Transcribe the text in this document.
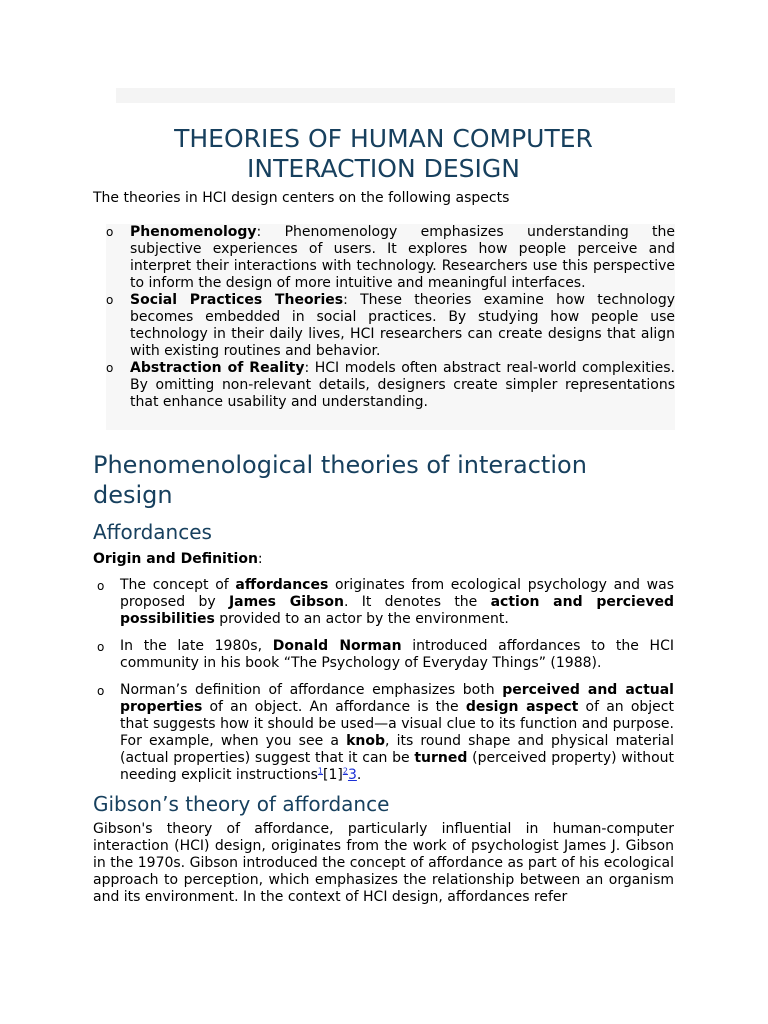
THEORIES OF HUMAN COMPUTER INTERACTION DESIGN

The theories in HCI design centers on the following aspects

o Phenomenology: Phenomenology emphasizes understanding the subjective experiences of users. It explores how people perceive and interpret their interactions with technology. Researchers use this perspective to inform the design of more intuitive and meaningful interfaces.
o Social Practices Theories: These theories examine how technology becomes embedded in social practices. By studying how people use technology in their daily lives, HCI researchers can create designs that align with existing routines and behavior.
o Abstraction of Reality: HCI models often abstract real-world complexities. By omitting non-relevant details, designers create simpler representations that enhance usability and understanding.
Phenomenological theories of interaction design
Affordances

Origin and Definition:

o The concept of affordances originates from ecological psychology and was proposed by James Gibson. It denotes the action and percieved possibilities provided to an actor by the environment.
o In the late 1980s, Donald Norman introduced affordances to the HCI community in his book “The Psychology of Everyday Things” (1988).
o Norman’s definition of affordance emphasizes both perceived and actual properties of an object. An affordance is the design aspect of an object that suggests how it should be used—a visual clue to its function and purpose. For example, when you see a knob, its round shape and physical material (actual properties) suggest that it can be turned (perceived property) without needing explicit instructions$^1$[1]$^2$3.
Gibson’s theory of affordance

Gibson's theory of affordance, particularly influential in human-computer interaction (HCI) design, originates from the work of psychologist James J. Gibson in the 1970s. Gibson introduced the concept of affordance as part of his ecological approach to perception, which emphasizes the relationship between an organism and its environment. In the context of HCI design, affordances refer
